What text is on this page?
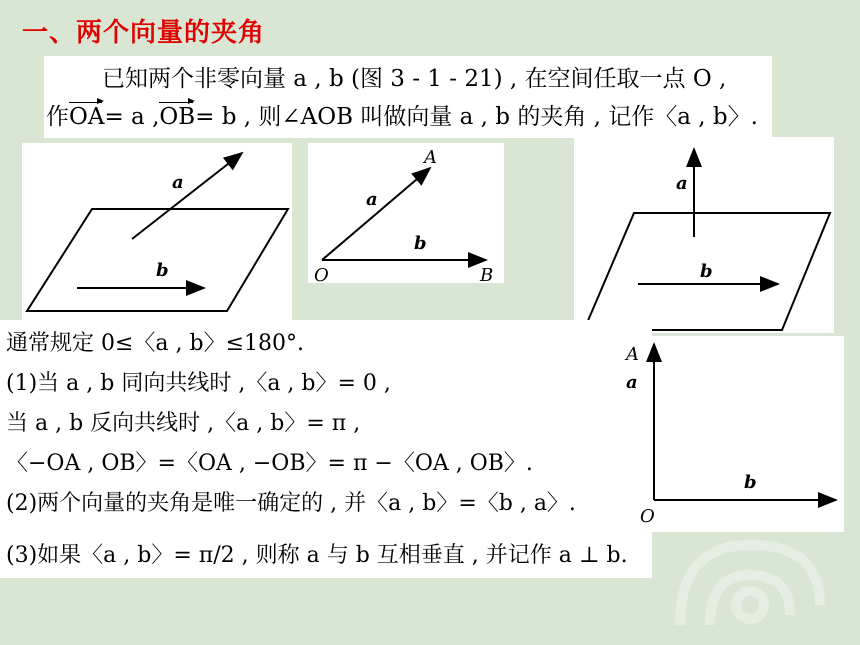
一、两个向量的夹角
已知两个非零向量 a , b (图 3 - 1 - 21) , 在空间任取一点 O ,
作OA= a ,OB= b , 则∠AOB 叫做向量 a , b 的夹角 , 记作〈a , b〉.
a
b
A
a
b
O	B
a
b
通常规定 0≤〈a , b〉≤180°.
(1)当 a , b 同向共线时 ,〈a , b〉= 0 ,
当 a , b 反向共线时 ,〈a , b〉= π ,
〈−OA , OB〉=〈OA , −OB〉= π −〈OA , OB〉.
(2)两个向量的夹角是唯一确定的 , 并〈a , b〉=〈b , a〉.
(3)如果〈a , b〉= π/2 , 则称 a 与 b 互相垂直 , 并记作 a ⊥ b.
A
a
b
O
